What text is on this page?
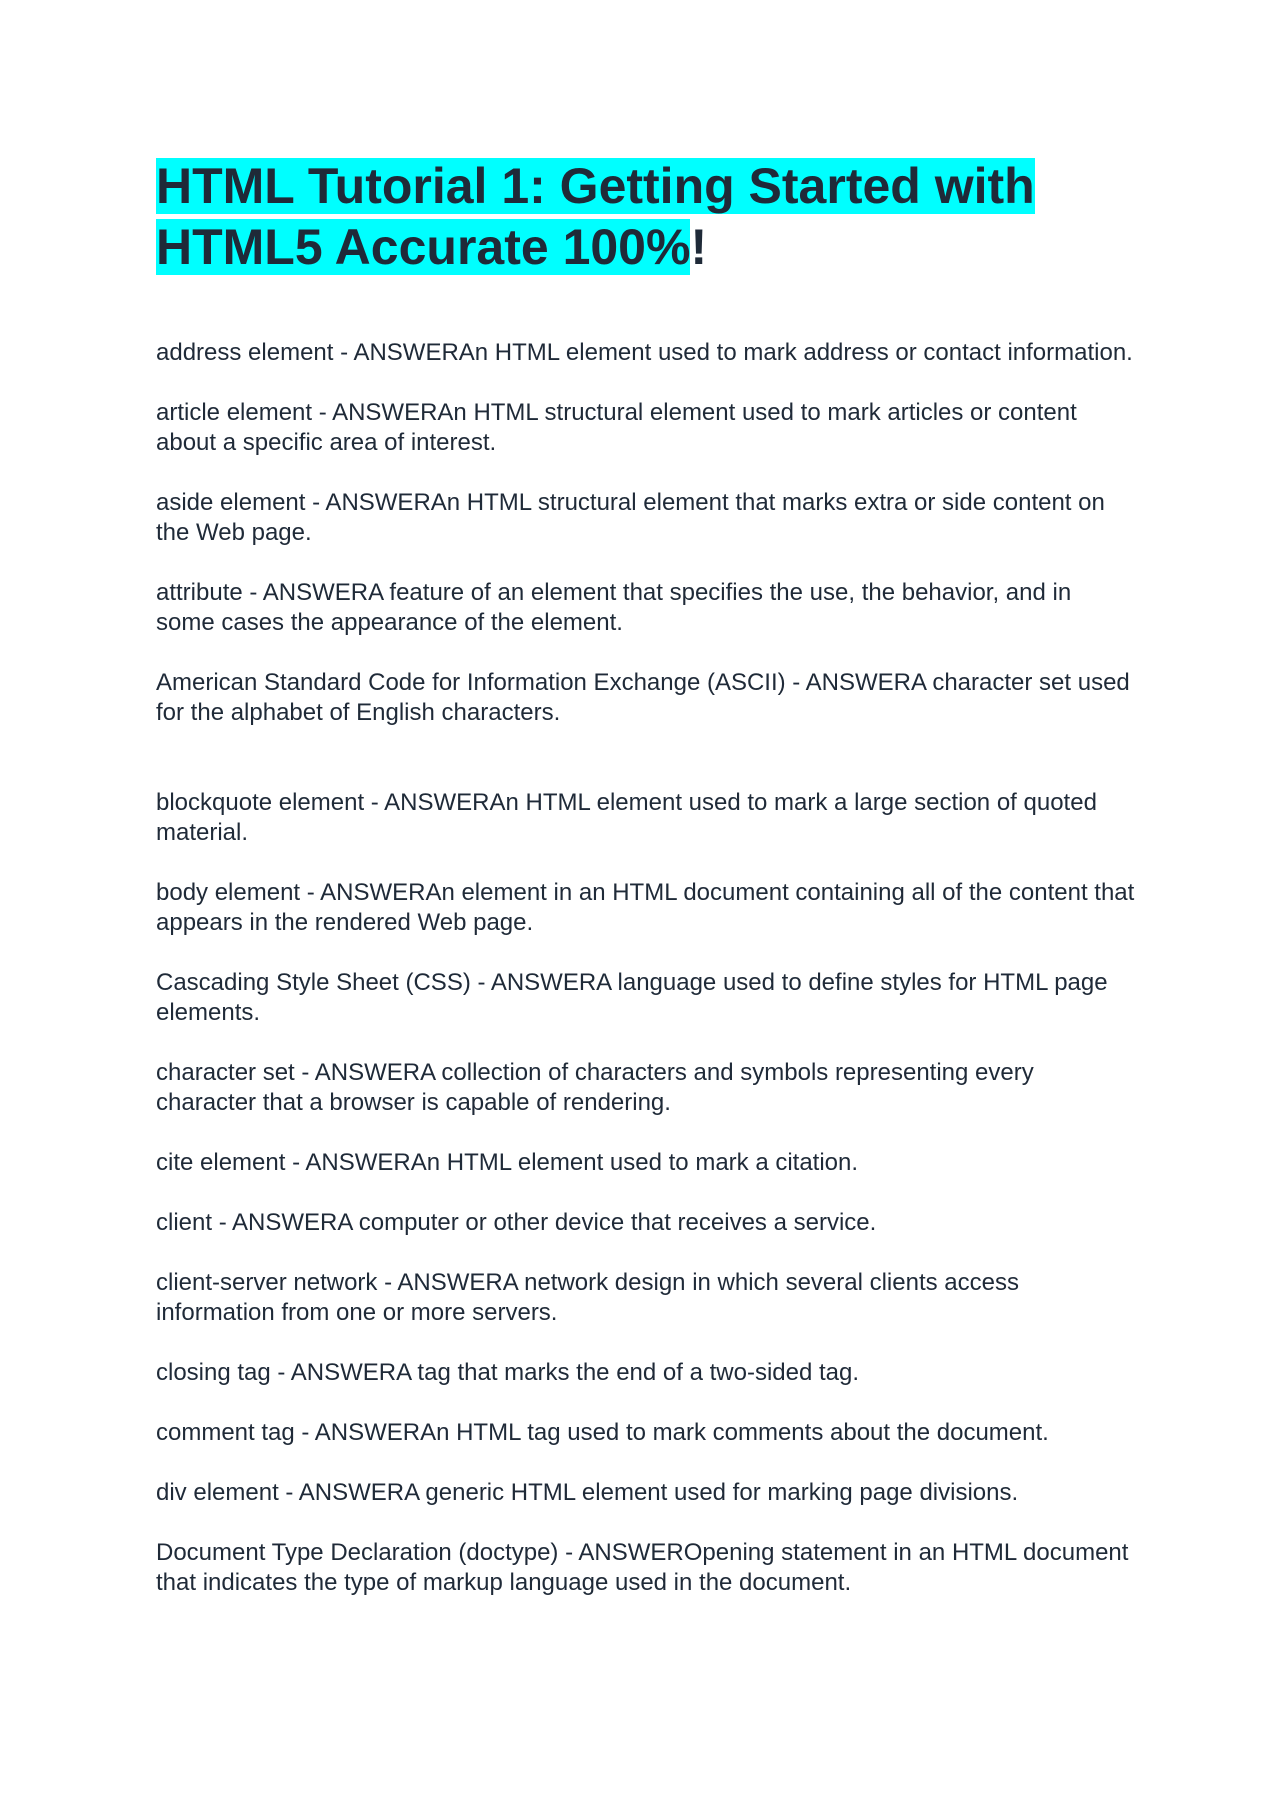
HTML Tutorial 1: Getting Started with HTML5 Accurate 100%!

address element - ANSWERAn HTML element used to mark address or contact information.

article element - ANSWERAn HTML structural element used to mark articles or content about a specific area of interest.

aside element - ANSWERAn HTML structural element that marks extra or side content on the Web page.

attribute - ANSWERA feature of an element that specifies the use, the behavior, and in some cases the appearance of the element.

American Standard Code for Information Exchange (ASCII) - ANSWERA character set used for the alphabet of English characters.

blockquote element - ANSWERAn HTML element used to mark a large section of quoted material.

body element - ANSWERAn element in an HTML document containing all of the content that appears in the rendered Web page.

Cascading Style Sheet (CSS) - ANSWERA language used to define styles for HTML page elements.

character set - ANSWERA collection of characters and symbols representing every character that a browser is capable of rendering.

cite element - ANSWERAn HTML element used to mark a citation.

client - ANSWERA computer or other device that receives a service.

client-server network - ANSWERA network design in which several clients access information from one or more servers.

closing tag - ANSWERA tag that marks the end of a two-sided tag.

comment tag - ANSWERAn HTML tag used to mark comments about the document.

div element - ANSWERA generic HTML element used for marking page divisions.

Document Type Declaration (doctype) - ANSWEROpening statement in an HTML document that indicates the type of markup language used in the document.
